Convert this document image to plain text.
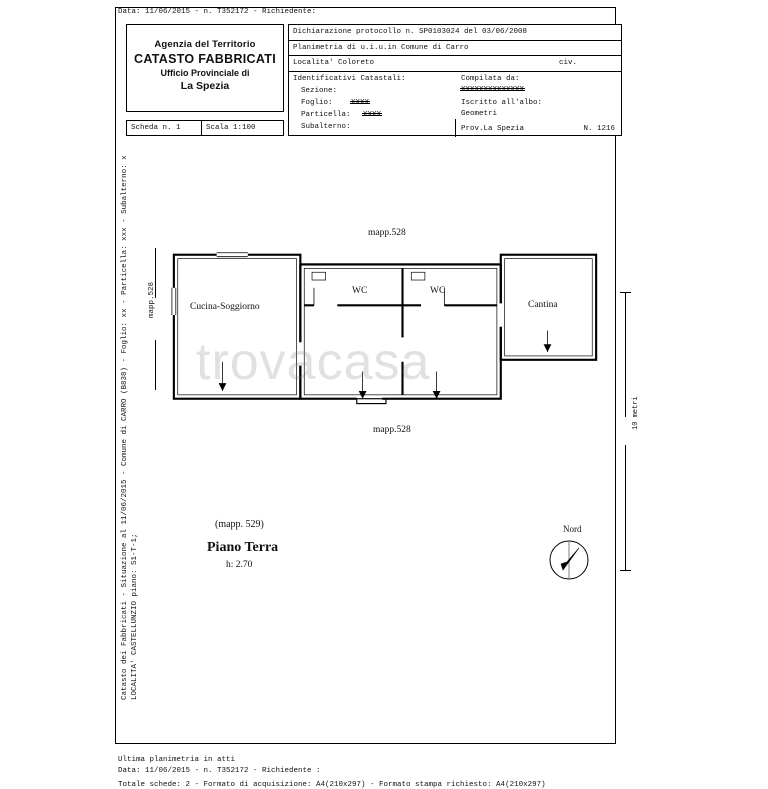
Data: 11/06/2015 - n. T352172 - Richiedente:
Agenzia del Territorio
CATASTO FABBRICATI
Ufficio Provinciale di
La Spezia
Scheda n. 1	Scala 1:100
Dichiarazione protocollo n. SP0103024 del 03/06/2008
Planimetria di u.i.u.in Comune di Carro
Localita' Coloreto	civ.
Identificativi Catastali:
Sezione:
Foglio: XXXX
Particella: XXXX
Subalterno:
Compilata da:
XXXXXXXXXXXXXX
Iscritto all'albo:
Geometri
Prov.La Spezia	N. 1216
Catasto dei Fabbricati - Situazione al 11/06/2015 - Comune di CARRO (B838) - Foglio: xx - Particella: xxx - Subalterno: x LOCALITA' CASTELLUNZIO piano: S1-T-1;
mapp.528
10 metri
mapp.528
mapp.528
Cucina-Soggiorno
WC	WC
Cantina
trovacasa
(mapp. 529)
Piano Terra
h: 2.70
Nord
Ultima planimetria in atti
Data: 11/06/2015 - n. T352172 - Richiedente :
Totale schede: 2 - Formato di acquisizione: A4(210x297) - Formato stampa richiesto: A4(210x297)
